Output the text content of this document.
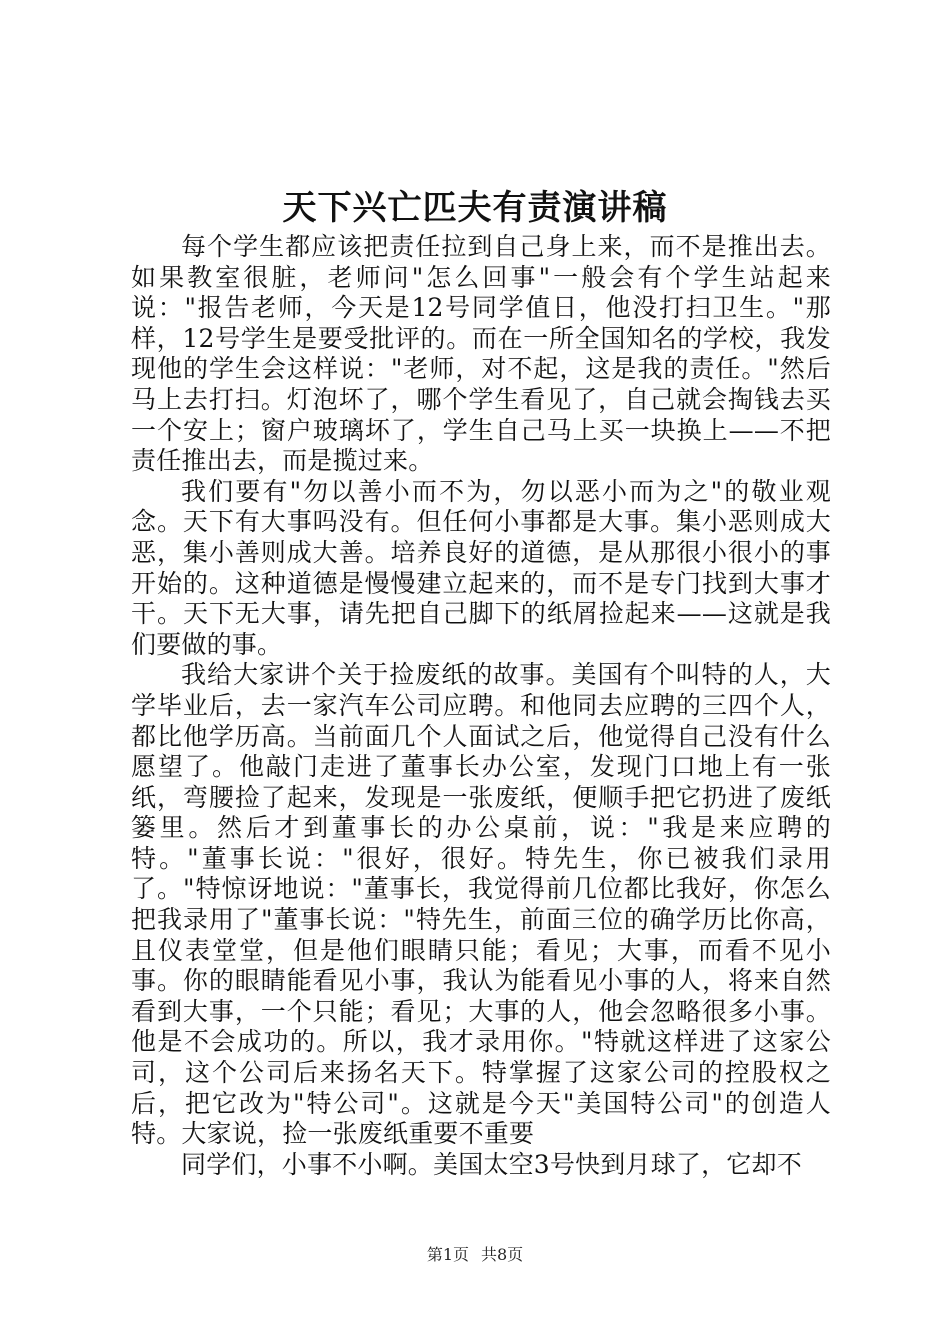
天下兴亡匹夫有责演讲稿

每个学生都应该把责任拉到自己身上来，而不是推出去。如果教室很脏，老师问"怎么回事"一般会有个学生站起来说："报告老师，今天是12号同学值日，他没打扫卫生。"那样，12号学生是要受批评的。而在一所全国知名的学校，我发现他的学生会这样说："老师，对不起，这是我的责任。"然后马上去打扫。灯泡坏了，哪个学生看见了，自己就会掏钱去买一个安上；窗户玻璃坏了，学生自己马上买一块换上——不把责任推出去，而是揽过来。

我们要有"勿以善小而不为，勿以恶小而为之"的敬业观念。天下有大事吗没有。但任何小事都是大事。集小恶则成大恶，集小善则成大善。培养良好的道德，是从那很小很小的事开始的。这种道德是慢慢建立起来的，而不是专门找到大事才干。天下无大事，请先把自己脚下的纸屑捡起来——这就是我们要做的事。

我给大家讲个关于捡废纸的故事。美国有个叫特的人，大学毕业后，去一家汽车公司应聘。和他同去应聘的三四个人，都比他学历高。当前面几个人面试之后，他觉得自己没有什么愿望了。他敲门走进了董事长办公室，发现门口地上有一张纸，弯腰捡了起来，发现是一张废纸，便顺手把它扔进了废纸篓里。然后才到董事长的办公桌前，说："我是来应聘的特。"董事长说："很好，很好。特先生，你已被我们录用了。"特惊讶地说："董事长，我觉得前几位都比我好，你怎么把我录用了"董事长说："特先生，前面三位的确学历比你高，且仪表堂堂，但是他们眼睛只能；看见；大事，而看不见小事。你的眼睛能看见小事，我认为能看见小事的人，将来自然看到大事，一个只能；看见；大事的人，他会忽略很多小事。他是不会成功的。所以，我才录用你。"特就这样进了这家公司，这个公司后来扬名天下。特掌握了这家公司的控股权之后，把它改为"特公司"。这就是今天"美国特公司"的创造人特。大家说，捡一张废纸重要不重要

同学们，小事不小啊。美国太空3号快到月球了，它却不

第1页 共8页
